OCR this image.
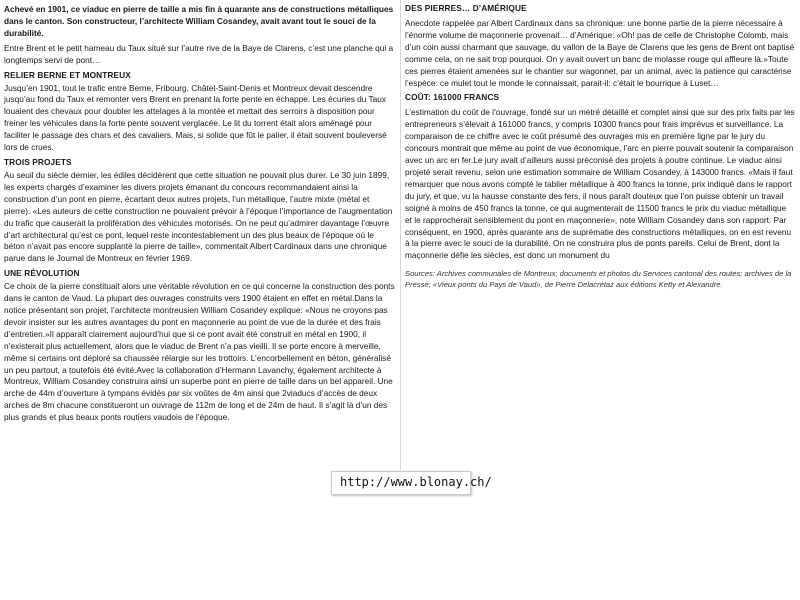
Achevé en 1901, ce viaduc en pierre de taille a mis fin à quarante ans de constructions métalliques dans le canton. Son constructeur, l’architecte William Cosandey, avait avant tout le souci de la durabilité.

Entre Brent et le petit hameau du Taux situé sur l’autre rive de la Baye de Clarens, c’est une planche qui a longtemps servi de pont…

RELIER BERNE ET MONTREUX

Jusqu’en 1901, tout le trafic entre Berne, Fribourg, Châtel-Saint-Denis et Montreux devait descendre jusqu’au fond du Taux et remonter vers Brent en prenant la forte pente en échappe. Les écuries du Taux louaient des chevaux pour doubler les attelages à la montée et mettait des serroirs à disposition pour freiner les véhicules dans la forte pente souvent verglacée. Le lit du torrent était alors aménagé pour faciliter le passage des chars et des cavaliers. Mais, si solide que fût le palier, il était souvent bouleversé lors de crues.

TROIS PROJETS

Au seuil du siècle dernier, les édiles décidèrent que cette situation ne pouvait plus durer. Le 30 juin 1899, les experts chargés d’examiner les divers projets émanant du concours recommandaient ainsi la construction d’un pont en pierre, écartant deux autres projets, l’un métallique, l’autre mixte (métal et pierre). «Les auteurs de cette construction ne pouvaient prévoir à l’époque l’importance de l’augmentation du trafic que causerait la prolifération des véhicules motorisés. On ne peut qu’admirer davantage l’œuvre d’art architectural qu’est ce pont, lequel reste incontestablement un des plus beaux de l’époque où le béton n’avait pas encore supplanté la pierre de taille», commentait Albert Cardinaux dans une chronique parue dans le Journal de Montreux en février 1969.

UNE RÉVOLUTION

Ce choix de la pierre constituait alors une véritable révolution en ce qui concerne la construction des ponts dans le canton de Vaud. La plupart des ouvrages construits vers 1900 étaient en effet en métal.Dans la notice présentant son projet, l’architecte montreusien William Cosandey explique: «Nous ne croyons pas devoir insister sur les autres avantages du pont en maçonnerie au point de vue de la durée et des frais d’entretien.»Il apparaît clairement aujourd’hui que si ce pont avait été construit en métal en 1900, il n’existerait plus actuellement, alors que le viaduc de Brent n’a pas vieilli. Il se porte encore à merveille, même si certains ont déploré sa chaussée rélargie sur les trottoirs. L’encorbellement en béton, généralisé un peu partout, a toutefois été évité.Avec la collaboration d’Hermann Lavanchy, également architecte à Montreux, William Cosandey construira ainsi un superbe pont en pierre de taille dans un bel appareil. Une arche de 44m d’ouverture à tympans évidés par six voûtes de 4m ainsi que 2viaducs d’accès de deux arches de 8m chacune constitueront un ouvrage de 112m de long et de 24m de haut. Il s’agit là d’un des plus grands et plus beaux ponts routiers vaudois de l’époque.

DES PIERRES… D’AMÉRIQUE

Anecdote rappelée par Albert Cardinaux dans sa chronique: une bonne partie de la pierre nécessaire à l’énorme volume de maçonnerie provenait… d’Amérique: «Oh! pas de celle de Christophe Colomb, mais d’un coin aussi charmant que sauvage, du vallon de la Baye de Clarens que les gens de Brent ont baptisé comme cela, on ne sait trop pourquoi. On y avait ouvert un banc de molasse rouge qui affleure là.»Toute ces pierres étaient amenées sur le chantier sur wagonnet, par un animal, avec la patience qui caractérise l’espèce: ce mulet tout le monde le connaissait, parait-il: c’était le bourrique à Luset…

COÛT: 161000 FRANCS

L’estimation du coût de l’ouvrage, fondé sur un métré détaillé et complet ainsi que sur des prix faits par les entrepreneurs s’élevait à 161000 francs, y compris 10300 francs pour frais imprévus et surveillance. La comparaison de ce chiffre avec le coût présumé des ouvrages mis en première ligne par le jury du concours montrait que même au point de vue économique, l’arc en pierre pouvait soutenir la comparaison avec un arc en fer.Le jury avait d’ailleurs aussi préconisé des projets à poutre continue. Le viaduc ainsi projeté serait revenu, selon une estimation sommaire de William Cosandey, à 143000 francs. «Mais il faut remarquer que nous avons compté le tablier métallique à 400 francs la tonne, prix indiqué dans le rapport du jury, et que, vu la hausse constante des fers, il nous paraît douteux que l’on puisse obtenir un travail soigné à moins de 450 francs la tonne, ce qui augmenterait de 11500 francs le prix du viaduc métallique et le rapprocherait sensiblement du pont en maçonnerie», note William Cosandey dans son rapport. Par conséquent, en 1900, après quarante ans de suprématie des constructions métalliques, on en est revenu à la pierre avec le souci de la durabilité. On ne construira plus de ponts pareils. Celui de Brent, dont la maçonnerie défie les siècles, est donc un monument du

Sources: Archives communales de Montreux; documents et photos du Services cantonal des routes; archives de la Presse; «Vieux ponts du Pays de Vaud», de Pierre Delacrétaz aux éditions Ketty et Alexandre.

http://www.blonay.ch/
